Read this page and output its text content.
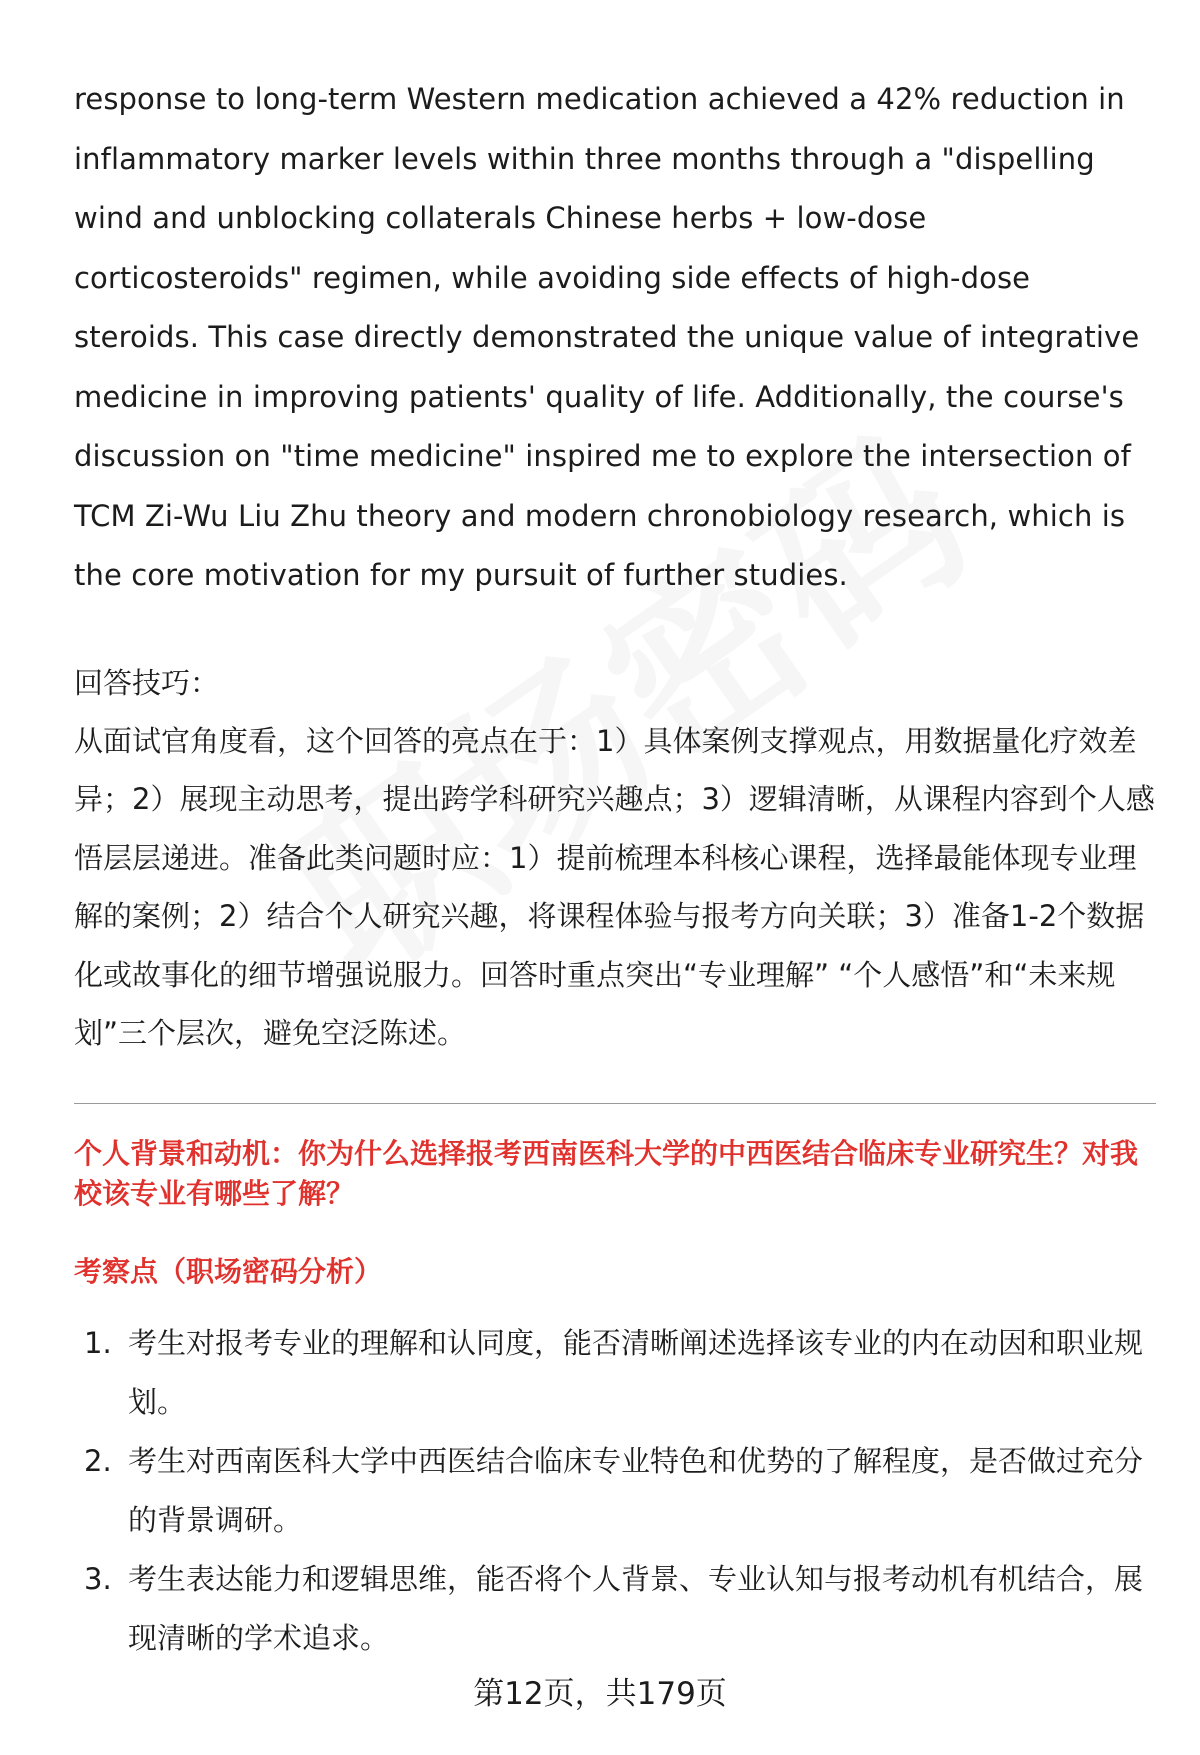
response to long-term Western medication achieved a 42% reduction in inflammatory marker levels within three months through a "dispelling wind and unblocking collaterals Chinese herbs + low-dose corticosteroids" regimen, while avoiding side effects of high-dose steroids. This case directly demonstrated the unique value of integrative medicine in improving patients' quality of life. Additionally, the course's discussion on "time medicine" inspired me to explore the intersection of TCM Zi-Wu Liu Zhu theory and modern chronobiology research, which is the core motivation for my pursuit of further studies.

回答技巧：

从面试官角度看，这个回答的亮点在于：1）具体案例支撑观点，用数据量化疗效差异；2）展现主动思考，提出跨学科研究兴趣点；3）逻辑清晰，从课程内容到个人感悟层层递进。准备此类问题时应：1）提前梳理本科核心课程，选择最能体现专业理解的案例；2）结合个人研究兴趣，将课程体验与报考方向关联；3）准备1-2个数据化或故事化的细节增强说服力。回答时重点突出“专业理解” “个人感悟”和“未来规划”三个层次，避免空泛陈述。

个人背景和动机：你为什么选择报考西南医科大学的中西医结合临床专业研究生？对我校该专业有哪些了解？
考察点（职场密码分析）
1. 考生对报考专业的理解和认同度，能否清晰阐述选择该专业的内在动因和职业规划。
2. 考生对西南医科大学中西医结合临床专业特色和优势的了解程度，是否做过充分的背景调研。
3. 考生表达能力和逻辑思维，能否将个人背景、专业认知与报考动机有机结合，展现清晰的学术追求。
第12页，共179页
